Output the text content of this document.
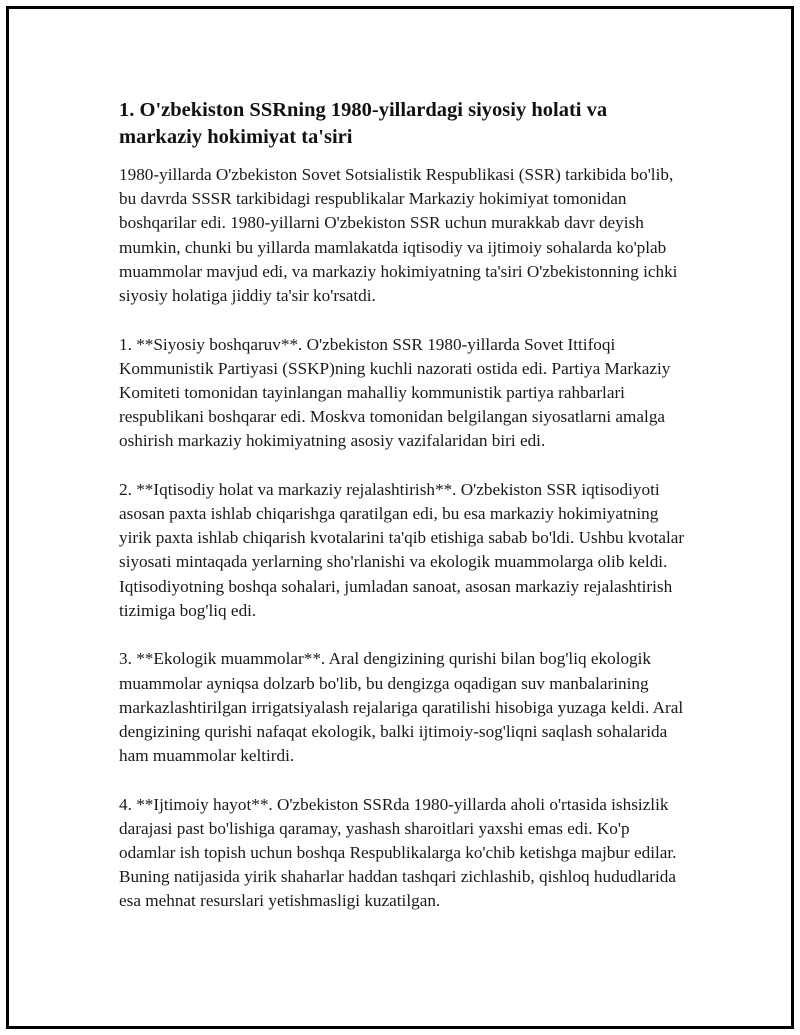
1. O'zbekiston SSRning 1980-yillardagi siyosiy holati va markaziy hokimiyat ta'siri

1980-yillarda O'zbekiston Sovet Sotsialistik Respublikasi (SSR) tarkibida bo'lib, bu davrda SSSR tarkibidagi respublikalar Markaziy hokimiyat tomonidan boshqarilar edi. 1980-yillarni O'zbekiston SSR uchun murakkab davr deyish mumkin, chunki bu yillarda mamlakatda iqtisodiy va ijtimoiy sohalarda ko'plab muammolar mavjud edi, va markaziy hokimiyatning ta'siri O'zbekistonning ichki siyosiy holatiga jiddiy ta'sir ko'rsatdi.

1. **Siyosiy boshqaruv**. O'zbekiston SSR 1980-yillarda Sovet Ittifoqi Kommunistik Partiyasi (SSKP)ning kuchli nazorati ostida edi. Partiya Markaziy Komiteti tomonidan tayinlangan mahalliy kommunistik partiya rahbarlari respublikani boshqarar edi. Moskva tomonidan belgilangan siyosatlarni amalga oshirish markaziy hokimiyatning asosiy vazifalaridan biri edi.

2. **Iqtisodiy holat va markaziy rejalashtirish**. O'zbekiston SSR iqtisodiyoti asosan paxta ishlab chiqarishga qaratilgan edi, bu esa markaziy hokimiyatning yirik paxta ishlab chiqarish kvotalarini ta'qib etishiga sabab bo'ldi. Ushbu kvotalar siyosati mintaqada yerlarning sho'rlanishi va ekologik muammolarga olib keldi. Iqtisodiyotning boshqa sohalari, jumladan sanoat, asosan markaziy rejalashtirish tizimiga bog'liq edi.

3. **Ekologik muammolar**. Aral dengizining qurishi bilan bog'liq ekologik muammolar ayniqsa dolzarb bo'lib, bu dengizga oqadigan suv manbalarining markazlashtirilgan irrigatsiyalash rejalariga qaratilishi hisobiga yuzaga keldi. Aral dengizining qurishi nafaqat ekologik, balki ijtimoiy-sog'liqni saqlash sohalarida ham muammolar keltirdi.

4. **Ijtimoiy hayot**. O'zbekiston SSRda 1980-yillarda aholi o'rtasida ishsizlik darajasi past bo'lishiga qaramay, yashash sharoitlari yaxshi emas edi. Ko'p odamlar ish topish uchun boshqa Respublikalarga ko'chib ketishga majbur edilar. Buning natijasida yirik shaharlar haddan tashqari zichlashib, qishloq hududlarida esa mehnat resurslari yetishmasligi kuzatilgan.
